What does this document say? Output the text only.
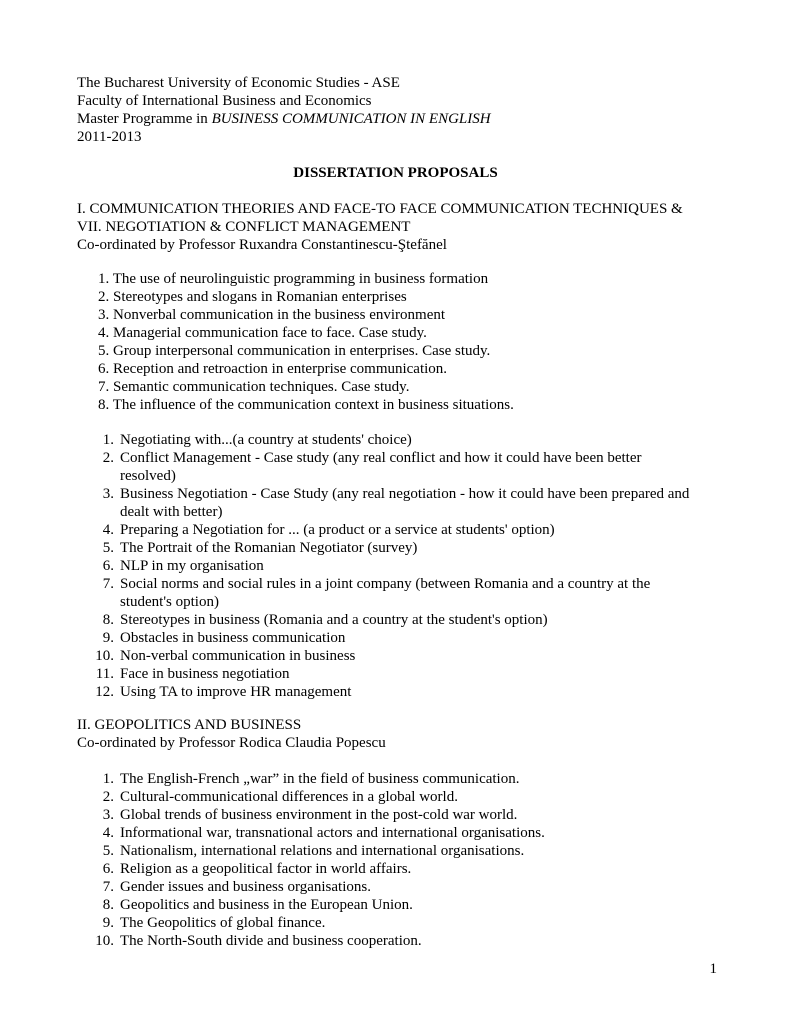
The Bucharest University of Economic Studies - ASE
Faculty of International Business and Economics
Master Programme in BUSINESS COMMUNICATION IN ENGLISH
2011-2013
DISSERTATION PROPOSALS
I. COMMUNICATION THEORIES AND FACE-TO FACE COMMUNICATION TECHNIQUES &
VII. NEGOTIATION & CONFLICT MANAGEMENT
Co-ordinated by Professor Ruxandra Constantinescu-Ştefănel
1. The use of neurolinguistic programming in business formation
2. Stereotypes and slogans in Romanian enterprises
3. Nonverbal communication in the business environment
4. Managerial communication face to face. Case study.
5. Group interpersonal communication in enterprises. Case study.
6. Reception and retroaction in enterprise communication.
7. Semantic communication techniques. Case study.
8. The influence of the communication context in business situations.
1. Negotiating with...(a country at students' choice)
2. Conflict Management - Case study (any real conflict and how it could have been better
resolved)
3. Business Negotiation - Case Study (any real negotiation - how it could have been prepared and
dealt with better)
4. Preparing a Negotiation for ... (a product or a service at students' option)
5. The Portrait of the Romanian Negotiator (survey)
6. NLP in my organisation
7. Social norms and social rules in a joint company (between Romania and a country at the
student's option)
8. Stereotypes in business (Romania and a country at the student's option)
9. Obstacles in business communication
10. Non-verbal communication in business
11. Face in business negotiation
12. Using TA to improve HR management
II. GEOPOLITICS AND BUSINESS
Co-ordinated by Professor Rodica Claudia Popescu
1. The English-French „war” in the field of business communication.
2. Cultural-communicational differences in a global world.
3. Global trends of business environment in the post-cold war world.
4. Informational war, transnational actors and international organisations.
5. Nationalism, international relations and international organisations.
6. Religion as a geopolitical factor in world affairs.
7. Gender issues and business organisations.
8. Geopolitics and business in the European Union.
9. The Geopolitics of global finance.
10. The North-South divide and business cooperation.
1
